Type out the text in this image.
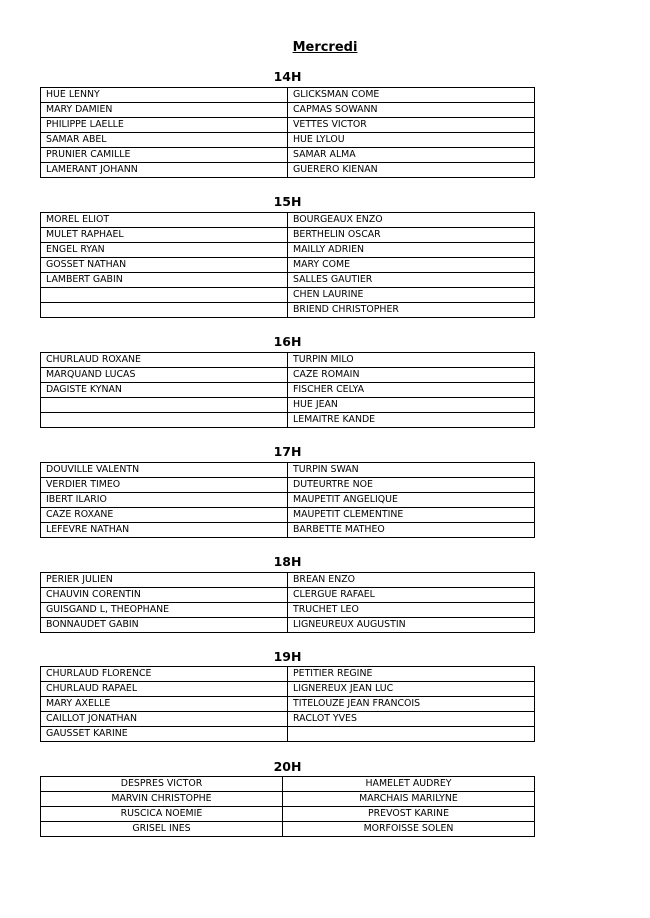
Mercredi
14H
HUE LENNY	GLICKSMAN COME
MARY DAMIEN	CAPMAS SOWANN
PHILIPPE LAELLE	VETTES VICTOR
SAMAR ABEL	HUE LYLOU
PRUNIER CAMILLE	SAMAR ALMA
LAMERANT JOHANN	GUERERO KIENAN
15H
MOREL ELIOT	BOURGEAUX ENZO
MULET RAPHAEL	BERTHELIN OSCAR
ENGEL RYAN	MAILLY ADRIEN
GOSSET NATHAN	MARY COME
LAMBERT GABIN	SALLES GAUTIER
	CHEN LAURINE
	BRIEND CHRISTOPHER
16H
CHURLAUD ROXANE	TURPIN MILO
MARQUAND LUCAS	CAZE ROMAIN
DAGISTE KYNAN	FISCHER CELYA
	HUE JEAN
	LEMAITRE KANDE
17H
DOUVILLE VALENTN	TURPIN SWAN
VERDIER TIMEO	DUTEURTRE NOE
IBERT ILARIO	MAUPETIT ANGELIQUE
CAZE ROXANE	MAUPETIT CLEMENTINE
LEFEVRE NATHAN	BARBETTE MATHEO
18H
PERIER JULIEN	BREAN ENZO
CHAUVIN CORENTIN	CLERGUE RAFAEL
GUISGAND L, THEOPHANE	TRUCHET LEO
BONNAUDET GABIN	LIGNEUREUX AUGUSTIN
19H
CHURLAUD FLORENCE	PETITIER REGINE
CHURLAUD RAPAEL	LIGNEREUX JEAN LUC
MARY AXELLE	TITELOUZE JEAN FRANCOIS
CAILLOT JONATHAN	RACLOT YVES
GAUSSET KARINE	
20H
DESPRES VICTOR	HAMELET AUDREY
MARVIN CHRISTOPHE	MARCHAIS MARILYNE
RUSCICA NOEMIE	PREVOST KARINE
GRISEL INES	MORFOISSE SOLEN
